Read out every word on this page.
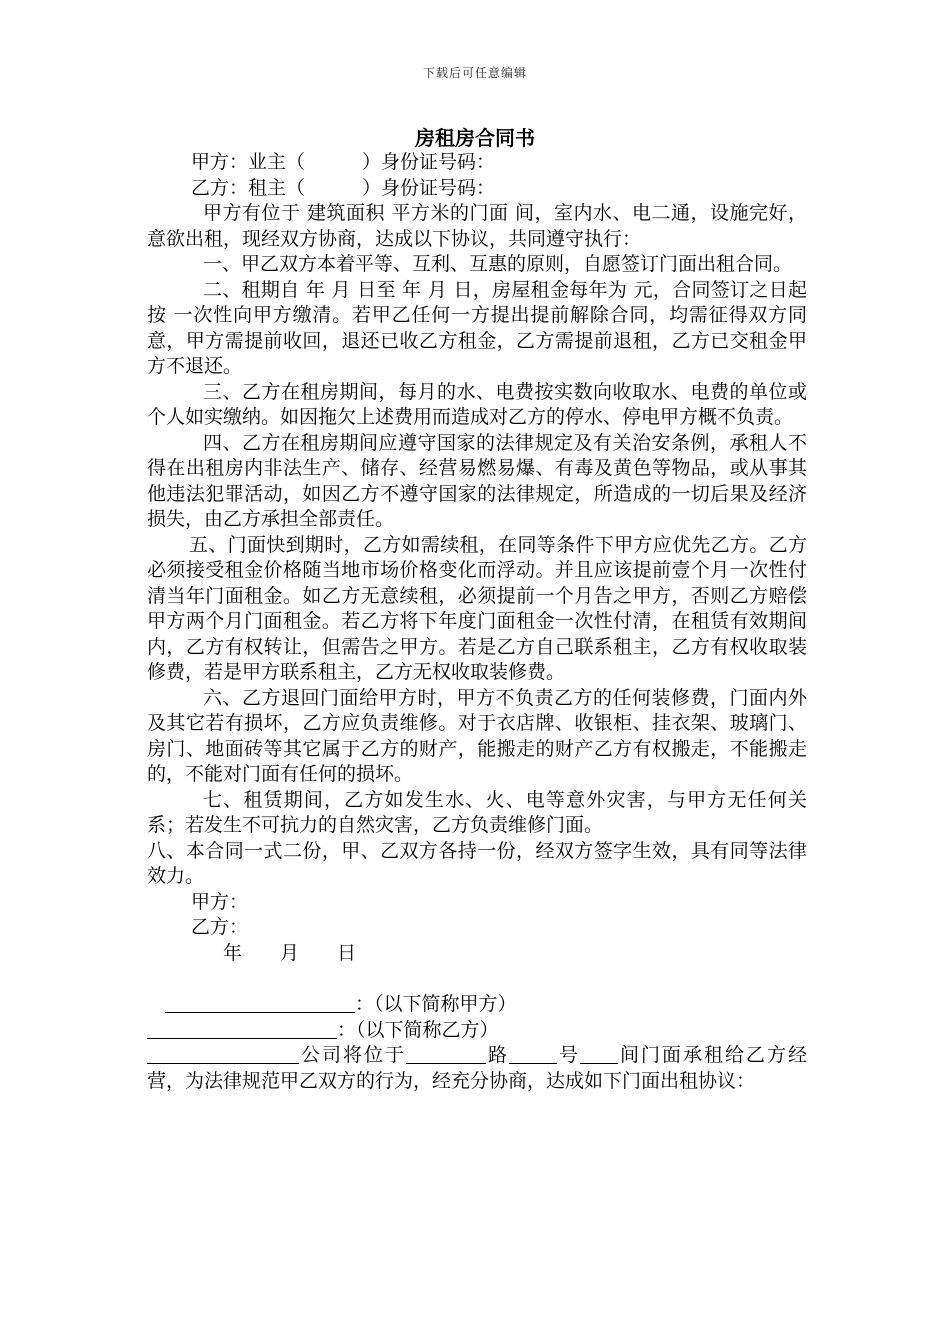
下载后可任意编辑
房租房合同书

甲方：业主（　　　）身份证号码：

乙方：租主（　　　）身份证号码：

甲方有位于 建筑面积 平方米的门面 间，室内水、电二通，设施完好，意欲出租，现经双方协商，达成以下协议，共同遵守执行：

一、甲乙双方本着平等、互利、互惠的原则，自愿签订门面出租合同。

二、租期自 年 月 日至 年 月 日，房屋租金每年为 元，合同签订之日起按 一次性向甲方缴清。若甲乙任何一方提出提前解除合同，均需征得双方同意，甲方需提前收回，退还已收乙方租金，乙方需提前退租，乙方已交租金甲方不退还。

三、乙方在租房期间，每月的水、电费按实数向收取水、电费的单位或个人如实缴纳。如因拖欠上述费用而造成对乙方的停水、停电甲方概不负责。

四、乙方在租房期间应遵守国家的法律规定及有关治安条例，承租人不得在出租房内非法生产、储存、经营易燃易爆、有毒及黄色等物品，或从事其他违法犯罪活动，如因乙方不遵守国家的法律规定，所造成的一切后果及经济损失，由乙方承担全部责任。

五、门面快到期时，乙方如需续租，在同等条件下甲方应优先乙方。乙方必须接受租金价格随当地市场价格变化而浮动。并且应该提前壹个月一次性付清当年门面租金。如乙方无意续租，必须提前一个月告之甲方，否则乙方赔偿甲方两个月门面租金。若乙方将下年度门面租金一次性付清，在租赁有效期间内，乙方有权转让，但需告之甲方。若是乙方自己联系租主，乙方有权收取装修费，若是甲方联系租主，乙方无权收取装修费。

六、乙方退回门面给甲方时，甲方不负责乙方的任何装修费，门面内外及其它若有损坏，乙方应负责维修。对于衣店牌、收银柜、挂衣架、玻璃门、房门、地面砖等其它属于乙方的财产，能搬走的财产乙方有权搬走，不能搬走的，不能对门面有任何的损坏。

七、租赁期间，乙方如发生水、火、电等意外灾害，与甲方无任何关系；若发生不可抗力的自然灾害，乙方负责维修门面。

八、本合同一式二份，甲、乙双方各持一份，经双方签字生效，具有同等法律效力。

甲方：

乙方：

年　　月　　日

：（以下简称甲方）

：（以下简称乙方）

公司将位于	路	号 间门面承租给乙方经营，为法律规范甲乙双方的行为，经充分协商，达成如下门面出租协议：
